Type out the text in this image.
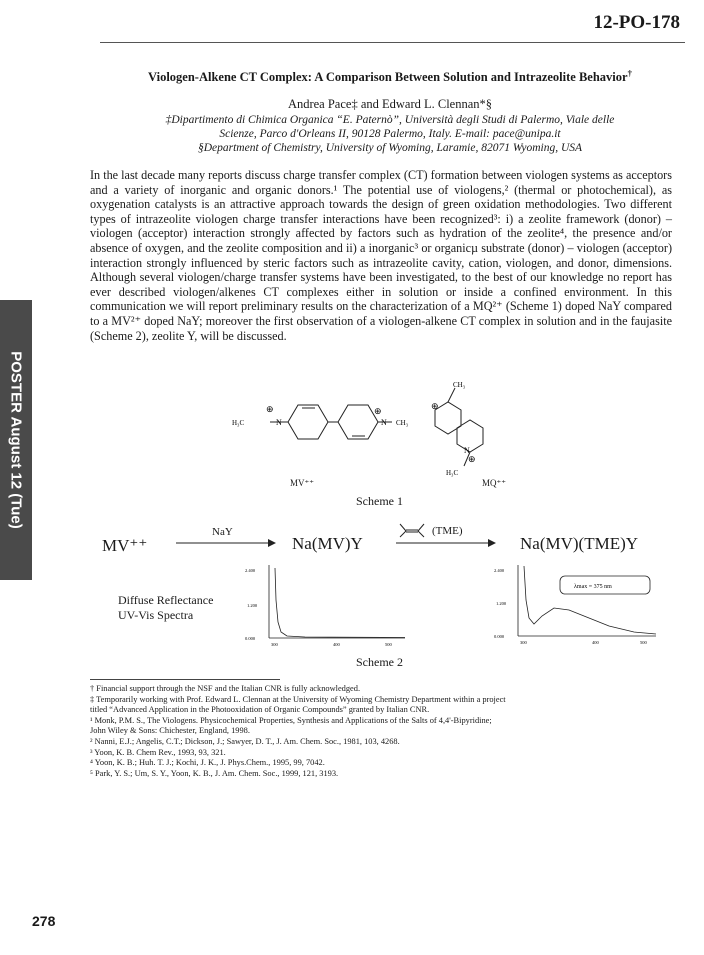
12-PO-178
POSTER August 12 (Tue)
Viologen-Alkene CT Complex: A Comparison Between Solution and Intrazeolite Behavior†
Andrea Pace‡ and Edward L. Clennan*§
‡Dipartimento di Chimica Organica “E. Paternò”, Università degli Studi di Palermo, Viale delle
Scienze, Parco d'Orleans II, 90128 Palermo, Italy. E-mail: pace@unipa.it
§Department of Chemistry, University of Wyoming, Laramie, 82071 Wyoming, USA

In the last decade many reports discuss charge transfer complex (CT) formation between viologen systems as acceptors and a variety of inorganic and organic donors.¹ The potential use of viologens,² (thermal or photochemical), as oxygenation catalysts is an attractive approach towards the design of green oxidation methodologies. Two different types of intrazeolite viologen charge transfer interactions have been recognized³: i) a zeolite framework (donor) – viologen (acceptor) interaction strongly affected by factors such as hydration of the zeolite⁴, the presence and/or absence of oxygen, and the zeolite composition and ii) a inorganic³ or organicµ substrate (donor) – viologen (acceptor) interaction strongly influenced by steric factors such as intrazeolite cavity, cation, viologen, and donor, dimensions. Although several viologen/charge transfer systems have been investigated, to the best of our knowledge no report has ever described viologen/alkenes CT complexes either in solution or inside a confined environment. In this communication we will report preliminary results on the characterization of a MQ²⁺ (Scheme 1) doped NaY compared to a MV²⁺ doped NaY; moreover the first observation of a viologen-alkene CT complex in solution and in the faujasite (Scheme 2), zeolite Y, will be discussed.

H₃C	N
⊕
N
⊕
CH₃
CH₃
⊕
N
⊕
H₃C
MV⁺⁺	MQ⁺⁺
Scheme 1
MV⁺⁺
NaY
Na(MV)Y
(TME)
Na(MV)(TME)Y
Diffuse Reflectance
UV-Vis Spectra
2.400
1.200
0.000
300	400	500
λmax = 375 nm
2.400
1.200
0.000
300	400	500
Scheme 2
† Financial support through the NSF and the Italian CNR is fully acknowledged.
‡ Temporarily working with Prof. Edward L. Clennan at the University of Wyoming Chemistry Department within a project
titled “Advanced Application in the Photooxidation of Organic Compounds” granted by Italian CNR.
¹ Monk, P.M. S., The Viologens. Physicochemical Properties, Synthesis and Applications of the Salts of 4,4'-Bipyridine;
John Wiley & Sons: Chichester, England, 1998.
² Nanni, E.J.; Angelis, C.T.; Dickson, J.; Sawyer, D. T., J. Am. Chem. Soc., 1981, 103, 4268.
³ Yoon, K. B. Chem Rev., 1993, 93, 321.
⁴ Yoon, K. B.; Huh. T. J.; Kochi, J. K., J. Phys.Chem., 1995, 99, 7042.
⁵ Park, Y. S.; Um, S. Y., Yoon, K. B., J. Am. Chem. Soc., 1999, 121, 3193.
278
